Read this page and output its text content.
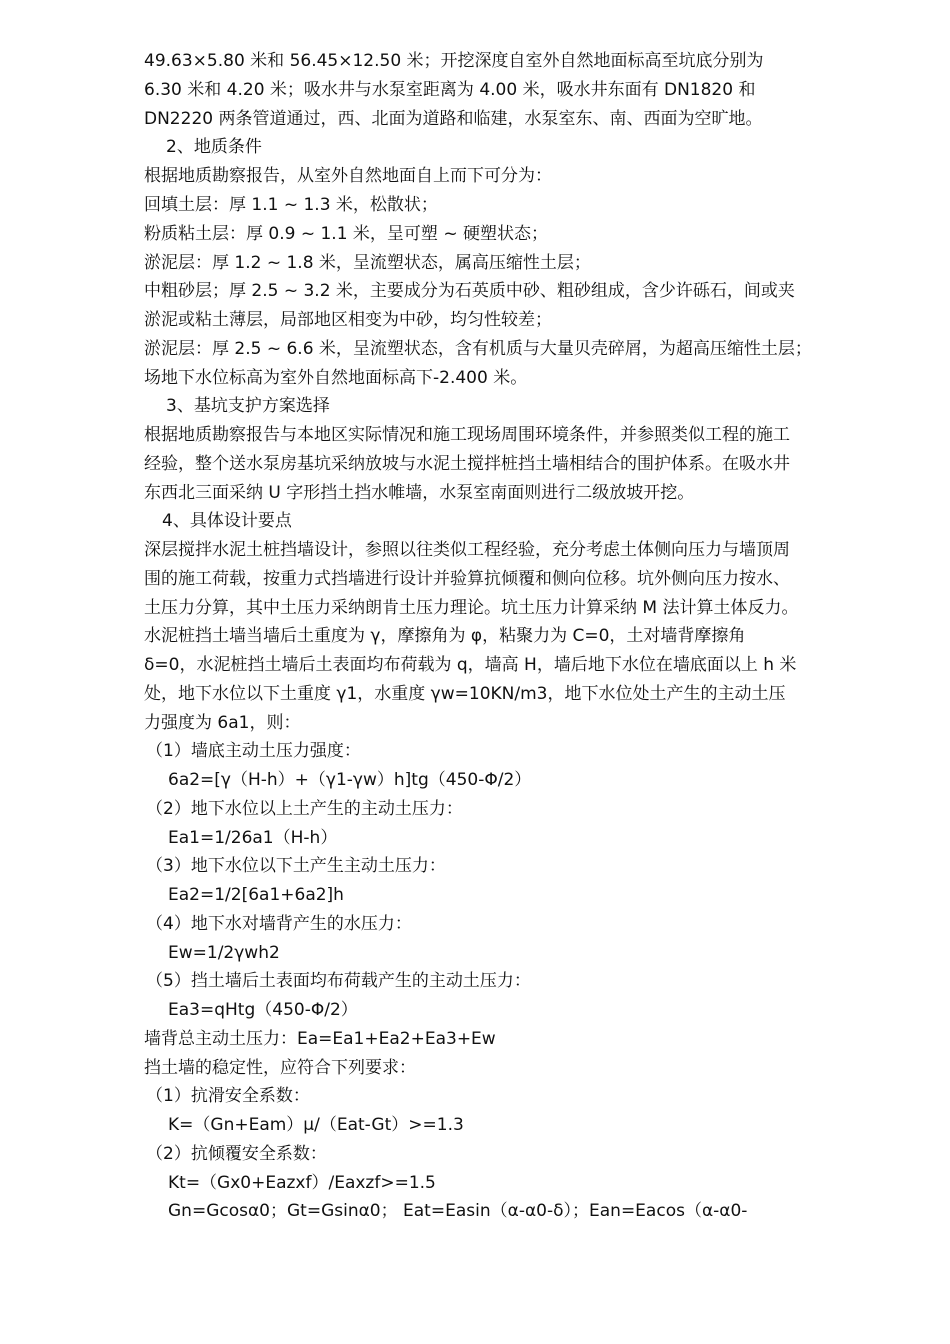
49.63×5.80 米和 56.45×12.50 米；开挖深度自室外自然地面标高至坑底分别为
6.30 米和 4.20 米；吸水井与水泵室距离为 4.00 米，吸水井东面有 DN1820 和
DN2220 两条管道通过，西、北面为道路和临建，水泵室东、南、西面为空旷地。
2、地质条件
根据地质勘察报告，从室外自然地面自上而下可分为：
回填土层：厚 1.1 ~ 1.3 米，松散状；
粉质粘土层：厚 0.9 ~ 1.1 米，呈可塑 ~ 硬塑状态；
淤泥层：厚 1.2 ~ 1.8 米，呈流塑状态，属高压缩性土层；
中粗砂层；厚 2.5 ~ 3.2 米，主要成分为石英质中砂、粗砂组成，含少许砾石，间或夹
淤泥或粘土薄层，局部地区相变为中砂，均匀性较差；
淤泥层：厚 2.5 ~ 6.6 米，呈流塑状态，含有机质与大量贝壳碎屑，为超高压缩性土层；
场地下水位标高为室外自然地面标高下-2.400 米。
3、基坑支护方案选择
根据地质勘察报告与本地区实际情况和施工现场周围环境条件，并参照类似工程的施工
经验，整个送水泵房基坑采纳放坡与水泥土搅拌桩挡土墙相结合的围护体系。在吸水井
东西北三面采纳 U 字形挡土挡水帷墙，水泵室南面则进行二级放坡开挖。
4、具体设计要点
深层搅拌水泥土桩挡墙设计，参照以往类似工程经验，充分考虑土体侧向压力与墙顶周
围的施工荷载，按重力式挡墙进行设计并验算抗倾覆和侧向位移。坑外侧向压力按水、
土压力分算，其中土压力采纳朗肯土压力理论。坑土压力计算采纳 M 法计算土体反力。
水泥桩挡土墙当墙后土重度为 γ，摩擦角为 φ，粘聚力为 C=0，土对墙背摩擦角
δ=0，水泥桩挡土墙后土表面均布荷载为 q，墙高 H，墙后地下水位在墙底面以上 h 米
处，地下水位以下土重度 γ1，水重度 γw=10KN/m3，地下水位处土产生的主动土压
力强度为 6a1，则：
（1）墙底主动土压力强度：
6a2=[γ（H-h）+（γ1-γw）h]tg（450-Φ/2）
（2）地下水位以上土产生的主动土压力：
Ea1=1/26a1（H-h）
（3）地下水位以下土产生主动土压力：
Ea2=1/2[6a1+6a2]h
（4）地下水对墙背产生的水压力：
Ew=1/2γwh2
（5）挡土墙后土表面均布荷载产生的主动土压力：
Ea3=qHtg（450-Φ/2）
墙背总主动土压力：Ea=Ea1+Ea2+Ea3+Ew
挡土墙的稳定性，应符合下列要求：
（1）抗滑安全系数：
K=（Gn+Eam）μ/（Eat-Gt）>=1.3
（2）抗倾覆安全系数：
Kt=（Gx0+Eazxf）/Eaxzf>=1.5
Gn=Gcosα0；Gt=Gsinα0； Eat=Easin（α-α0-δ）；Ean=Eacos（α-α0-
